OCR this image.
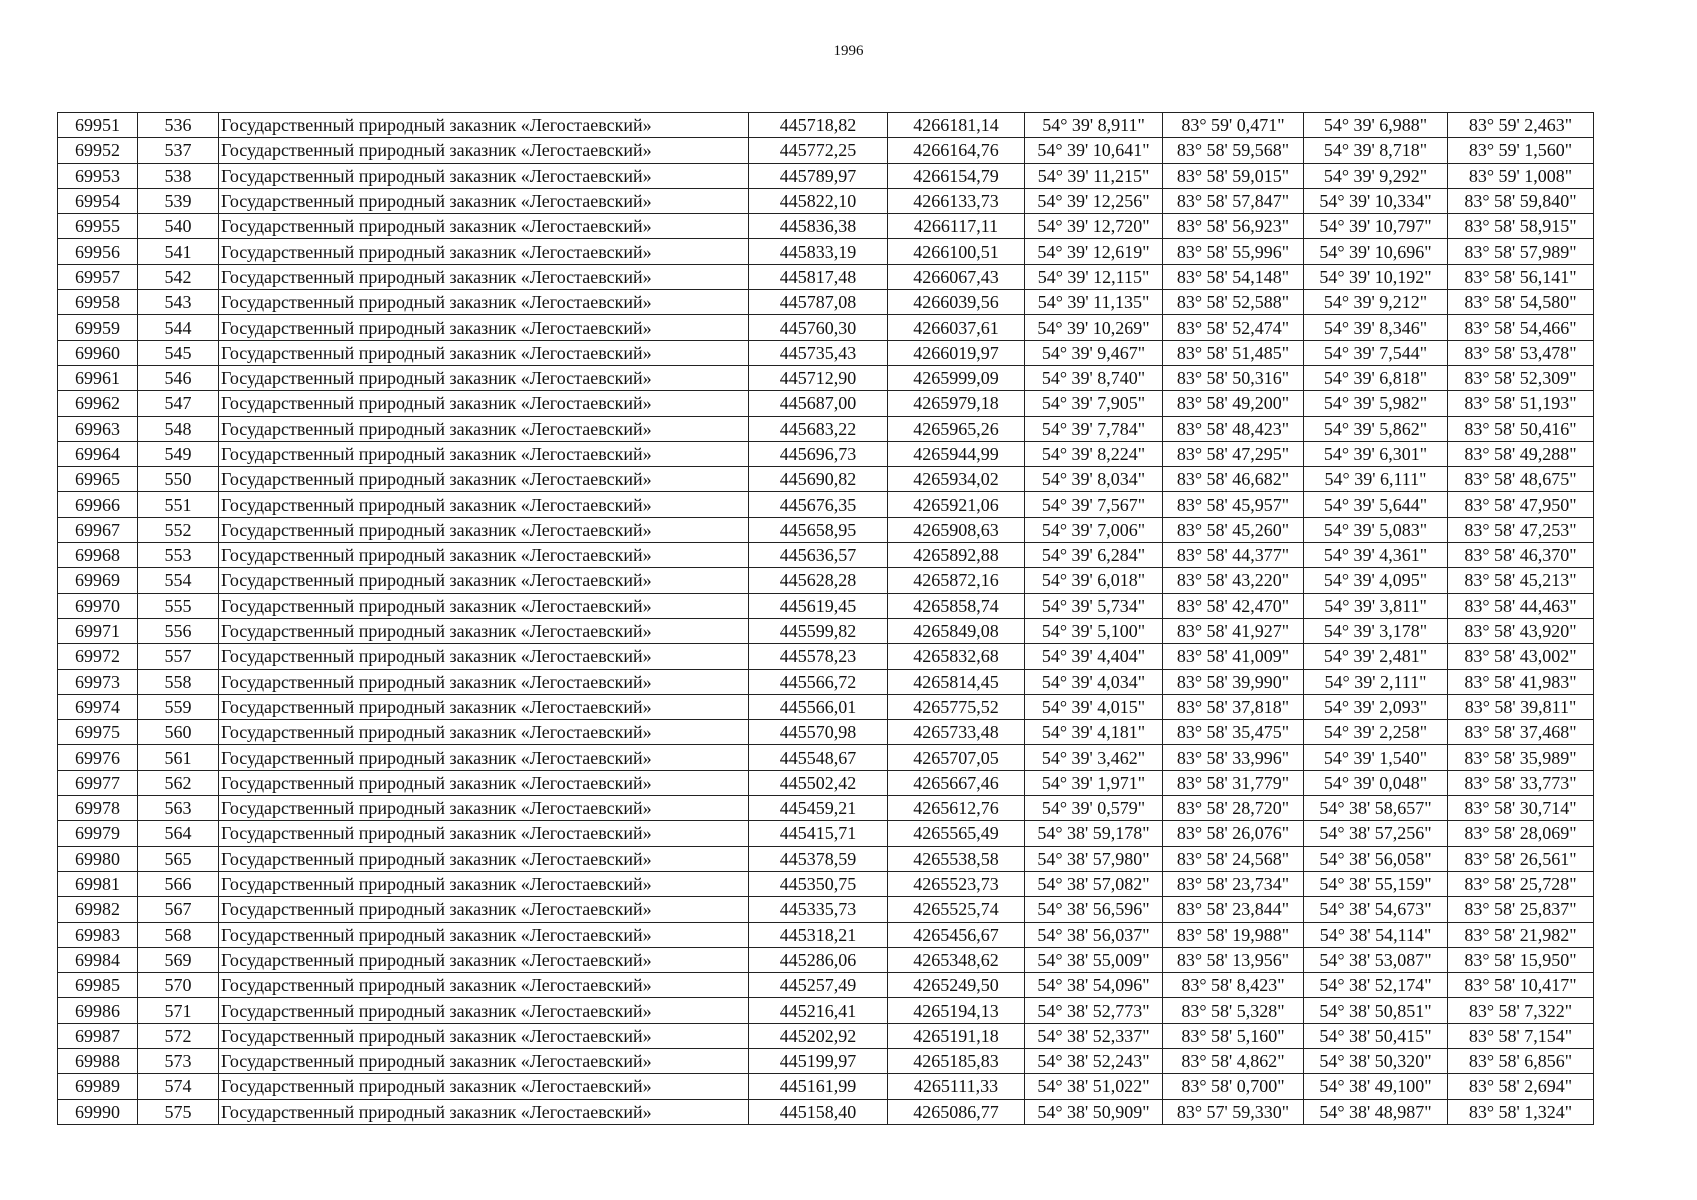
1996
69951	536	Государственный природный заказник «Легостаевский»	445718,82	4266181,14	54° 39' 8,911"	83° 59' 0,471"	54° 39' 6,988"	83° 59' 2,463"
69952	537	Государственный природный заказник «Легостаевский»	445772,25	4266164,76	54° 39' 10,641"	83° 58' 59,568"	54° 39' 8,718"	83° 59' 1,560"
69953	538	Государственный природный заказник «Легостаевский»	445789,97	4266154,79	54° 39' 11,215"	83° 58' 59,015"	54° 39' 9,292"	83° 59' 1,008"
69954	539	Государственный природный заказник «Легостаевский»	445822,10	4266133,73	54° 39' 12,256"	83° 58' 57,847"	54° 39' 10,334"	83° 58' 59,840"
69955	540	Государственный природный заказник «Легостаевский»	445836,38	4266117,11	54° 39' 12,720"	83° 58' 56,923"	54° 39' 10,797"	83° 58' 58,915"
69956	541	Государственный природный заказник «Легостаевский»	445833,19	4266100,51	54° 39' 12,619"	83° 58' 55,996"	54° 39' 10,696"	83° 58' 57,989"
69957	542	Государственный природный заказник «Легостаевский»	445817,48	4266067,43	54° 39' 12,115"	83° 58' 54,148"	54° 39' 10,192"	83° 58' 56,141"
69958	543	Государственный природный заказник «Легостаевский»	445787,08	4266039,56	54° 39' 11,135"	83° 58' 52,588"	54° 39' 9,212"	83° 58' 54,580"
69959	544	Государственный природный заказник «Легостаевский»	445760,30	4266037,61	54° 39' 10,269"	83° 58' 52,474"	54° 39' 8,346"	83° 58' 54,466"
69960	545	Государственный природный заказник «Легостаевский»	445735,43	4266019,97	54° 39' 9,467"	83° 58' 51,485"	54° 39' 7,544"	83° 58' 53,478"
69961	546	Государственный природный заказник «Легостаевский»	445712,90	4265999,09	54° 39' 8,740"	83° 58' 50,316"	54° 39' 6,818"	83° 58' 52,309"
69962	547	Государственный природный заказник «Легостаевский»	445687,00	4265979,18	54° 39' 7,905"	83° 58' 49,200"	54° 39' 5,982"	83° 58' 51,193"
69963	548	Государственный природный заказник «Легостаевский»	445683,22	4265965,26	54° 39' 7,784"	83° 58' 48,423"	54° 39' 5,862"	83° 58' 50,416"
69964	549	Государственный природный заказник «Легостаевский»	445696,73	4265944,99	54° 39' 8,224"	83° 58' 47,295"	54° 39' 6,301"	83° 58' 49,288"
69965	550	Государственный природный заказник «Легостаевский»	445690,82	4265934,02	54° 39' 8,034"	83° 58' 46,682"	54° 39' 6,111"	83° 58' 48,675"
69966	551	Государственный природный заказник «Легостаевский»	445676,35	4265921,06	54° 39' 7,567"	83° 58' 45,957"	54° 39' 5,644"	83° 58' 47,950"
69967	552	Государственный природный заказник «Легостаевский»	445658,95	4265908,63	54° 39' 7,006"	83° 58' 45,260"	54° 39' 5,083"	83° 58' 47,253"
69968	553	Государственный природный заказник «Легостаевский»	445636,57	4265892,88	54° 39' 6,284"	83° 58' 44,377"	54° 39' 4,361"	83° 58' 46,370"
69969	554	Государственный природный заказник «Легостаевский»	445628,28	4265872,16	54° 39' 6,018"	83° 58' 43,220"	54° 39' 4,095"	83° 58' 45,213"
69970	555	Государственный природный заказник «Легостаевский»	445619,45	4265858,74	54° 39' 5,734"	83° 58' 42,470"	54° 39' 3,811"	83° 58' 44,463"
69971	556	Государственный природный заказник «Легостаевский»	445599,82	4265849,08	54° 39' 5,100"	83° 58' 41,927"	54° 39' 3,178"	83° 58' 43,920"
69972	557	Государственный природный заказник «Легостаевский»	445578,23	4265832,68	54° 39' 4,404"	83° 58' 41,009"	54° 39' 2,481"	83° 58' 43,002"
69973	558	Государственный природный заказник «Легостаевский»	445566,72	4265814,45	54° 39' 4,034"	83° 58' 39,990"	54° 39' 2,111"	83° 58' 41,983"
69974	559	Государственный природный заказник «Легостаевский»	445566,01	4265775,52	54° 39' 4,015"	83° 58' 37,818"	54° 39' 2,093"	83° 58' 39,811"
69975	560	Государственный природный заказник «Легостаевский»	445570,98	4265733,48	54° 39' 4,181"	83° 58' 35,475"	54° 39' 2,258"	83° 58' 37,468"
69976	561	Государственный природный заказник «Легостаевский»	445548,67	4265707,05	54° 39' 3,462"	83° 58' 33,996"	54° 39' 1,540"	83° 58' 35,989"
69977	562	Государственный природный заказник «Легостаевский»	445502,42	4265667,46	54° 39' 1,971"	83° 58' 31,779"	54° 39' 0,048"	83° 58' 33,773"
69978	563	Государственный природный заказник «Легостаевский»	445459,21	4265612,76	54° 39' 0,579"	83° 58' 28,720"	54° 38' 58,657"	83° 58' 30,714"
69979	564	Государственный природный заказник «Легостаевский»	445415,71	4265565,49	54° 38' 59,178"	83° 58' 26,076"	54° 38' 57,256"	83° 58' 28,069"
69980	565	Государственный природный заказник «Легостаевский»	445378,59	4265538,58	54° 38' 57,980"	83° 58' 24,568"	54° 38' 56,058"	83° 58' 26,561"
69981	566	Государственный природный заказник «Легостаевский»	445350,75	4265523,73	54° 38' 57,082"	83° 58' 23,734"	54° 38' 55,159"	83° 58' 25,728"
69982	567	Государственный природный заказник «Легостаевский»	445335,73	4265525,74	54° 38' 56,596"	83° 58' 23,844"	54° 38' 54,673"	83° 58' 25,837"
69983	568	Государственный природный заказник «Легостаевский»	445318,21	4265456,67	54° 38' 56,037"	83° 58' 19,988"	54° 38' 54,114"	83° 58' 21,982"
69984	569	Государственный природный заказник «Легостаевский»	445286,06	4265348,62	54° 38' 55,009"	83° 58' 13,956"	54° 38' 53,087"	83° 58' 15,950"
69985	570	Государственный природный заказник «Легостаевский»	445257,49	4265249,50	54° 38' 54,096"	83° 58' 8,423"	54° 38' 52,174"	83° 58' 10,417"
69986	571	Государственный природный заказник «Легостаевский»	445216,41	4265194,13	54° 38' 52,773"	83° 58' 5,328"	54° 38' 50,851"	83° 58' 7,322"
69987	572	Государственный природный заказник «Легостаевский»	445202,92	4265191,18	54° 38' 52,337"	83° 58' 5,160"	54° 38' 50,415"	83° 58' 7,154"
69988	573	Государственный природный заказник «Легостаевский»	445199,97	4265185,83	54° 38' 52,243"	83° 58' 4,862"	54° 38' 50,320"	83° 58' 6,856"
69989	574	Государственный природный заказник «Легостаевский»	445161,99	4265111,33	54° 38' 51,022"	83° 58' 0,700"	54° 38' 49,100"	83° 58' 2,694"
69990	575	Государственный природный заказник «Легостаевский»	445158,40	4265086,77	54° 38' 50,909"	83° 57' 59,330"	54° 38' 48,987"	83° 58' 1,324"
